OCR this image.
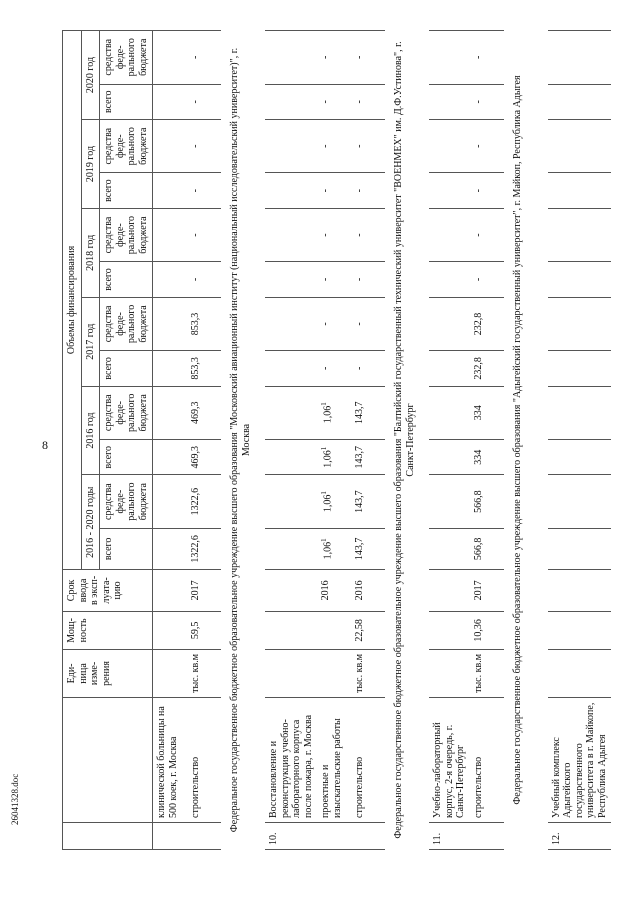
8
		Еди-
ница
изме-
рения	Мощ-
ность	Срок
ввода
в эксп-
луата-
цию	Объемы финансирования											
					2016 - 2020 годы		2016 год		2017 год		2018 год		2019 год		2020 год	
					всего	средства
феде-
рального
бюджета	всего	средства
феде-
рального
бюджета	всего	средства
феде-
рального
бюджета	всего	средства
феде-
рального
бюджета	всего	средства
феде-
рального
бюджета	всего	средства
феде-
рального
бюджета
	клинической больницы на 500 коек, г. Москва															
	строительство	тыс. кв.м	59,5	2017	1322,6	1322,6	469,3	469,3	853,3	853,3	-	-	-	-	-	-
Федеральное государственное бюджетное образовательное учреждение высшего образования "Московский авиационный институт (национальный исследовательский университет)", г. Москва																
10.	Восстановление и реконструкция учебно-лабораторного корпуса после пожара, г. Москва															
	проектные и изыскательские работы			2016	1,06$^1$	1,06$^1$	1,06$^1$	1,06$^1$	-	-	-	-	-	-	-	-
	строительство	тыс. кв.м	22,58	2016	143,7	143,7	143,7	143,7	-	-	-	-	-	-	-	-
Федеральное государственное бюджетное образовательное учреждение высшего образования "Балтийский государственный технический университет "ВОЕНМЕХ" им. Д.Ф.Устинова", г. Санкт-Петербург																
11.	Учебно-лабораторный корпус, 2-я очередь, г. Санкт-Петербург															
	строительство	тыс. кв.м	10,36	2017	566,8	566,8	334	334	232,8	232,8	-	-	-	-	-	-
Федеральное государственное бюджетное образовательное учреждение высшего образования "Адыгейский государственный университет", г. Майкоп, Республика Адыгея																
12.	Учебный комплекс Адыгейского государственного университета в г. Майкопе, Республика Адыгея															
26041328.doc
